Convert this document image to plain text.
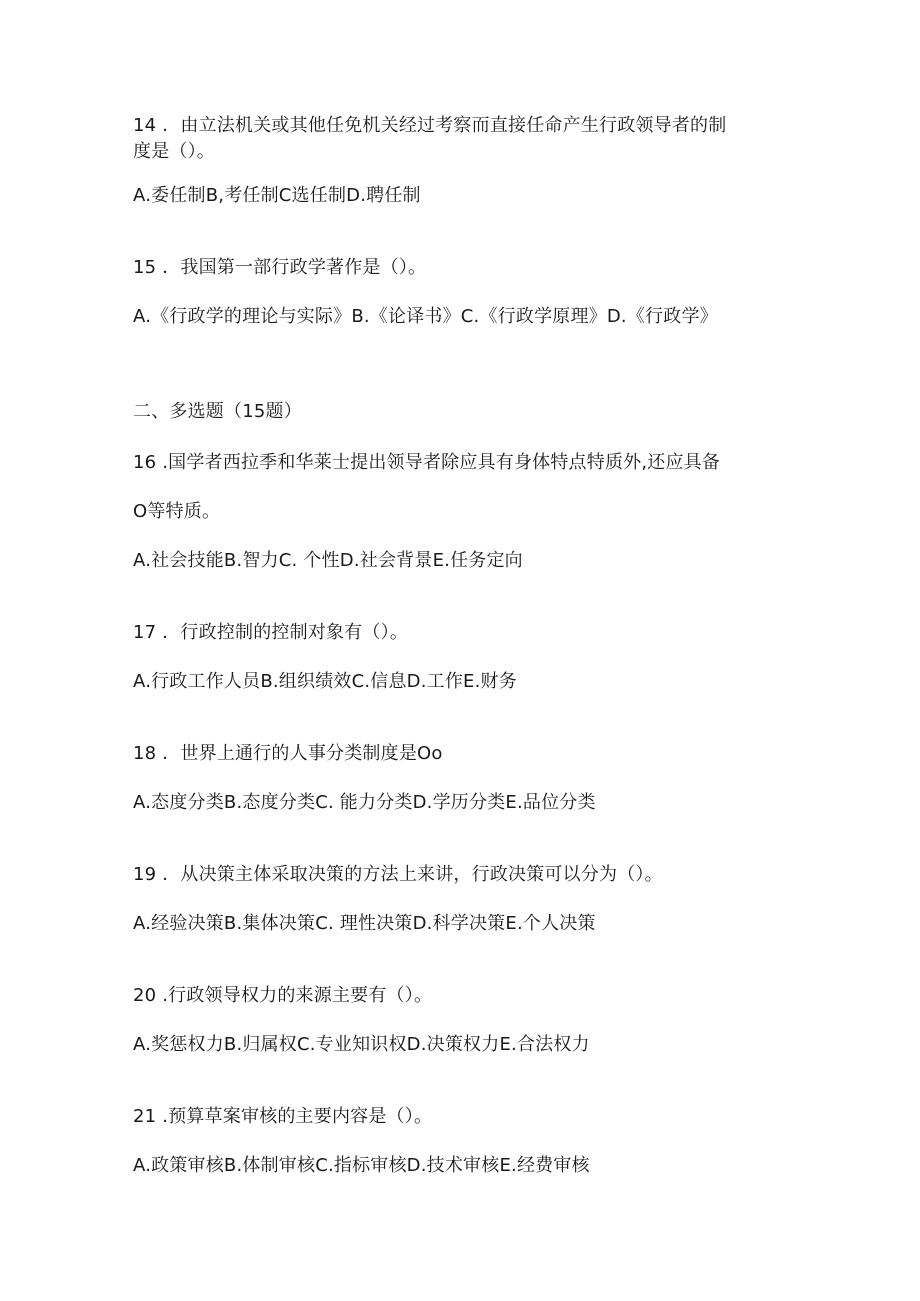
14 ．由立法机关或其他任免机关经过考察而直接任命产生行政领导者的制
度是（）。
A.委任制B,考任制C选任制D.聘任制
15 ．我国第一部行政学著作是（）。
A.《行政学的理论与实际》B.《论译书》C.《行政学原理》D.《行政学》
二、多选题（15题）
16 .国学者西拉季和华莱士提出领导者除应具有身体特点特质外,还应具备
O等特质。
A.社会技能B.智力C. 个性D.社会背景E.任务定向
17 ．行政控制的控制对象有（）。
A.行政工作人员B.组织绩效C.信息D.工作E.财务
18 ．世界上通行的人事分类制度是Oo
A.态度分类B.态度分类C. 能力分类D.学历分类E.品位分类
19 ．从决策主体采取决策的方法上来讲，行政决策可以分为（）。
A.经验决策B.集体决策C. 理性决策D.科学决策E.个人决策
20 .行政领导权力的来源主要有（）。
A.奖惩权力B.归属权C.专业知识权D.决策权力E.合法权力
21 .预算草案审核的主要内容是（）。
A.政策审核B.体制审核C.指标审核D.技术审核E.经费审核
